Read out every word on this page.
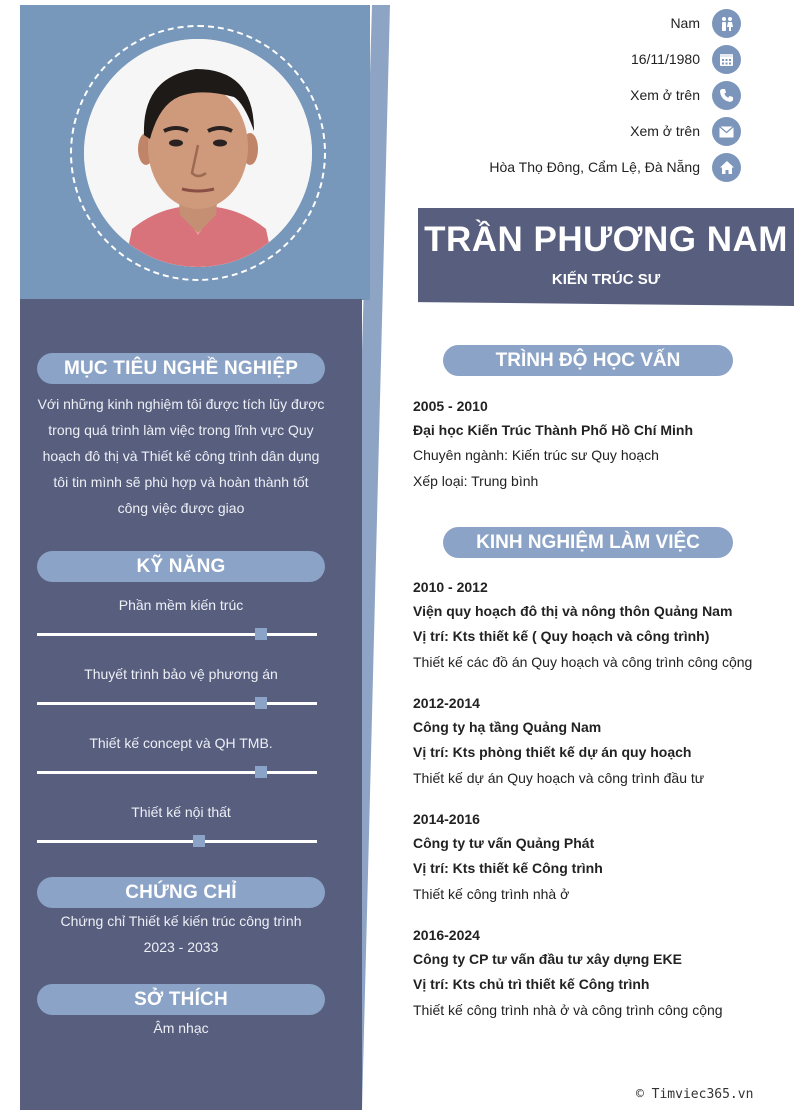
MỤC TIÊU NGHỀ NGHIỆP
Với những kinh nghiệm tôi được tích lũy được
trong quá trình làm việc trong lĩnh vực Quy
hoạch đô thị và Thiết kế công trình dân dụng
tôi tin mình sẽ phù hợp và hoàn thành tốt
công việc được giao
KỸ NĂNG
Phần mềm kiến trúc
Thuyết trình bảo vệ phương án
Thiết kế concept và QH TMB.
Thiết kế nội thất
CHỨNG CHỈ
Chứng chỉ Thiết kế kiến trúc công trình
2023 - 2033
SỞ THÍCH
Âm nhạc
Nam
16/11/1980
Xem ở trên
Xem ở trên
Hòa Thọ Đông, Cẩm Lệ, Đà Nẵng
TRẦN PHƯƠNG NAM
KIẾN TRÚC SƯ
TRÌNH ĐỘ HỌC VẤN
2005 - 2010
Đại học Kiến Trúc Thành Phố Hồ Chí Minh
Chuyên ngành: Kiến trúc sư Quy hoạch
Xếp loại: Trung bình
KINH NGHIỆM LÀM VIỆC
2010 - 2012
Viện quy hoạch đô thị và nông thôn Quảng Nam
Vị trí: Kts thiết kế ( Quy hoạch và công trình)
Thiết kế các đồ án Quy hoạch và công trình công cộng
2012-2014
Công ty hạ tầng Quảng Nam
Vị trí: Kts phòng thiết kế dự án quy hoạch
Thiết kế dự án Quy hoạch và công trình đầu tư
2014-2016
Công ty tư vấn Quảng Phát
Vị trí: Kts thiết kế Công trình
Thiết kế công trình nhà ở
2016-2024
Công ty CP tư vấn đầu tư xây dựng EKE
Vị trí: Kts chủ trì thiết kế Công trình
Thiết kế công trình nhà ở và công trình công cộng
© Timviec365.vn
